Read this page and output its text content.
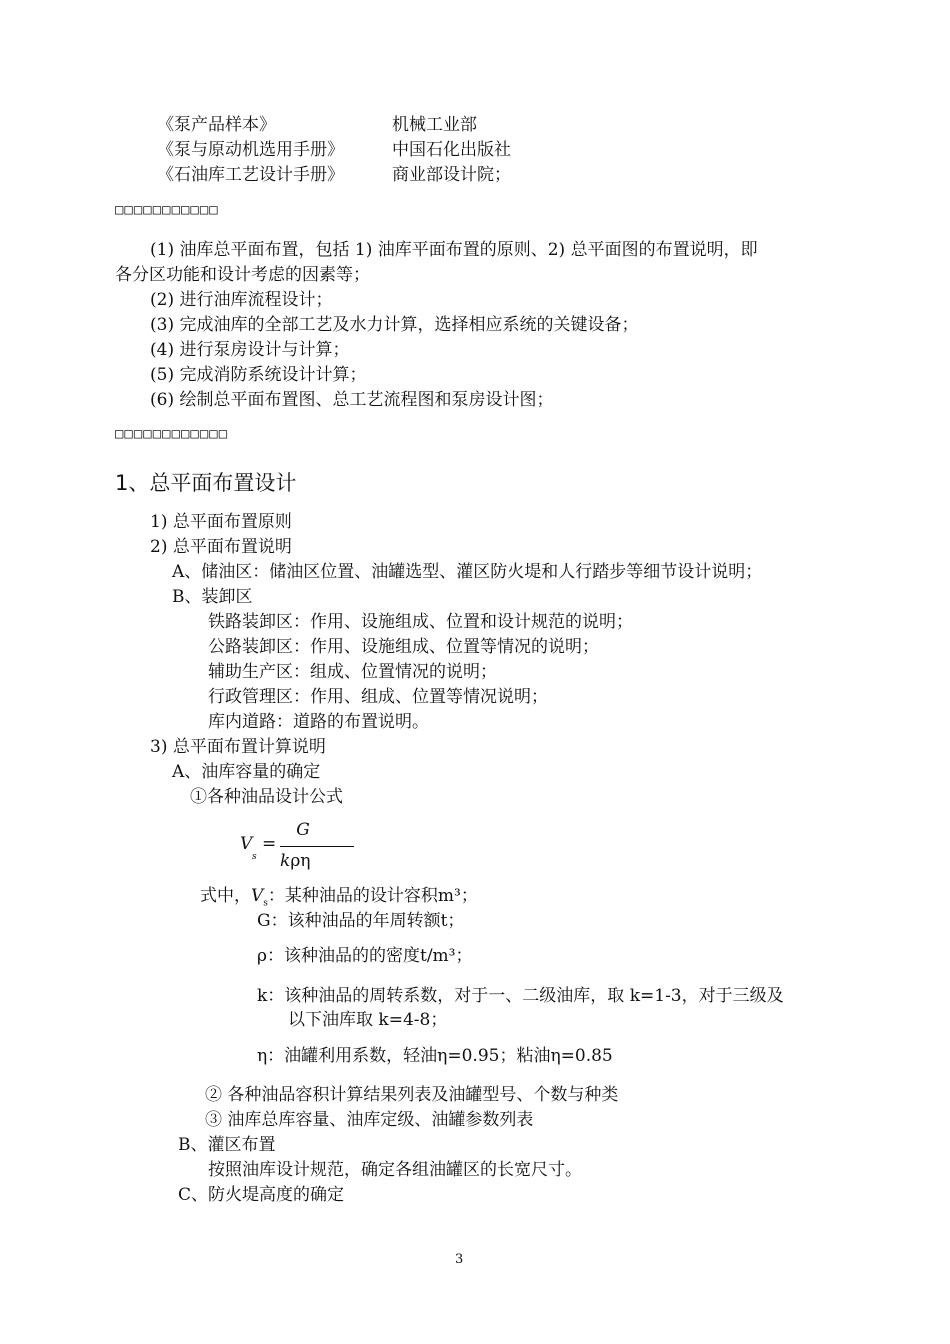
《泵产品样本》	机械工业部
《泵与原动机选用手册》	中国石化出版社
《石油库工艺设计手册》	商业部设计院；
□□□□□□□□□□□
(1) 油库总平面布置，包括 1) 油库平面布置的原则、2) 总平面图的布置说明，即
各分区功能和设计考虑的因素等；
(2) 进行油库流程设计；
(3) 完成油库的全部工艺及水力计算，选择相应系统的关键设备；
(4) 进行泵房设计与计算；
(5) 完成消防系统设计计算；
(6) 绘制总平面布置图、总工艺流程图和泵房设计图；
□□□□□□□□□□□□
1、总平面布置设计
1) 总平面布置原则
2) 总平面布置说明
A、储油区：储油区位置、油罐选型、灌区防火堤和人行踏步等细节设计说明；
B、装卸区
铁路装卸区：作用、设施组成、位置和设计规范的说明；
公路装卸区：作用、设施组成、位置等情况的说明；
辅助生产区：组成、位置情况的说明；
行政管理区：作用、组成、位置等情况说明；
库内道路：道路的布置说明。
3) 总平面布置计算说明
A、油库容量的确定
①各种油品设计公式
V
s
=
G
kρη
式中，$V_s$：某种油品的设计容积m³；
G：该种油品的年周转额t；
ρ：该种油品的的密度t/m³；
k：该种油品的周转系数，对于一、二级油库，取 k=1-3，对于三级及
以下油库取 k=4-8；
η：油罐利用系数，轻油η=0.95；粘油η=0.85
② 各种油品容积计算结果列表及油罐型号、个数与种类
③ 油库总库容量、油库定级、油罐参数列表
B、灌区布置
按照油库设计规范，确定各组油罐区的长宽尺寸。
C、防火堤高度的确定
3
